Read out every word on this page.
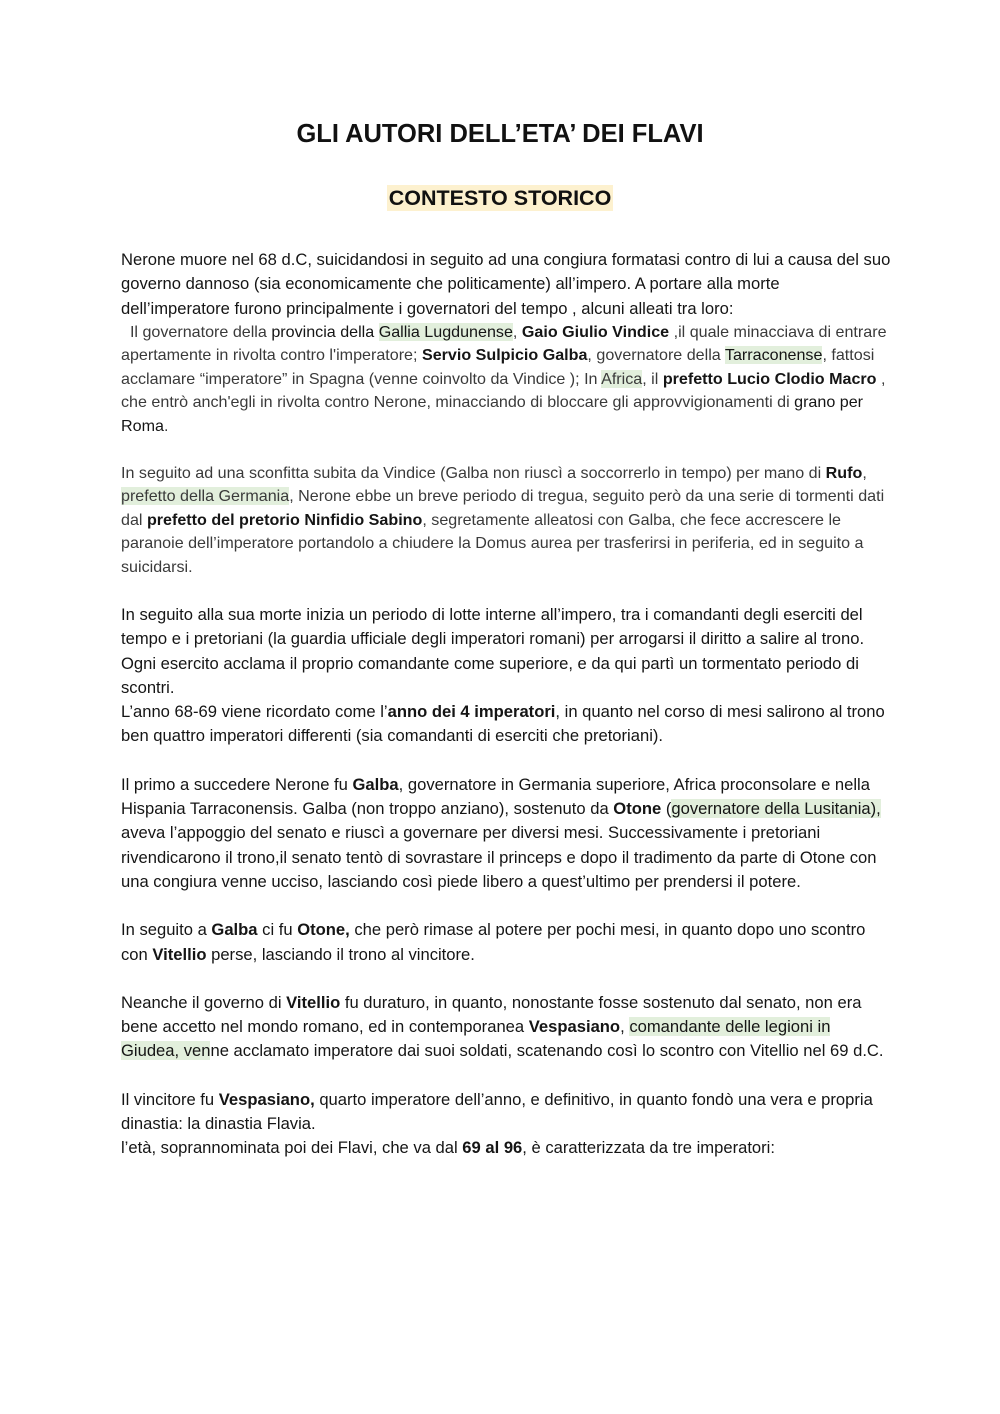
GLI AUTORI DELL’ETA’ DEI FLAVI
CONTESTO STORICO

Nerone muore nel 68 d.C, suicidandosi in seguito ad una congiura formatasi contro di lui a causa del suo governo dannoso (sia economicamente che politicamente) all’impero. A portare alla morte dell’imperatore furono principalmente i governatori del tempo , alcuni alleati tra loro:

Il governatore della provincia della Gallia Lugdunense, Gaio Giulio Vindice ,il quale minacciava di entrare apertamente in rivolta contro l'imperatore; Servio Sulpicio Galba, governatore della Tarraconense, fattosi acclamare “imperatore” in Spagna (venne coinvolto da Vindice ); In Africa, il prefetto Lucio Clodio Macro , che entrò anch'egli in rivolta contro Nerone, minacciando di bloccare gli approvvigionamenti di grano per Roma.

In seguito ad una sconfitta subita da Vindice (Galba non riuscì a soccorrerlo in tempo) per mano di Rufo, prefetto della Germania, Nerone ebbe un breve periodo di tregua, seguito però da una serie di tormenti dati dal prefetto del pretorio Ninfidio Sabino, segretamente alleatosi con Galba, che fece accrescere le paranoie dell’imperatore portandolo a chiudere la Domus aurea per trasferirsi in periferia, ed in seguito a suicidarsi.

In seguito alla sua morte inizia un periodo di lotte interne all’impero, tra i comandanti degli eserciti del tempo e i pretoriani (la guardia ufficiale degli imperatori romani) per arrogarsi il diritto a salire al trono. Ogni esercito acclama il proprio comandante come superiore, e da qui partì un tormentato periodo di scontri.

L’anno 68-69 viene ricordato come l’anno dei 4 imperatori, in quanto nel corso di mesi salirono al trono ben quattro imperatori differenti (sia comandanti di eserciti che pretoriani).

Il primo a succedere Nerone fu Galba, governatore in Germania superiore, Africa proconsolare e nella Hispania Tarraconensis. Galba (non troppo anziano), sostenuto da Otone (governatore della Lusitania), aveva l’appoggio del senato e riuscì a governare per diversi mesi. Successivamente i pretoriani rivendicarono il trono,il senato tentò di sovrastare il princeps e dopo il tradimento da parte di Otone con una congiura venne ucciso, lasciando così piede libero a quest’ultimo per prendersi il potere.

In seguito a Galba ci fu Otone, che però rimase al potere per pochi mesi, in quanto dopo uno scontro con Vitellio perse, lasciando il trono al vincitore.

Neanche il governo di Vitellio fu duraturo, in quanto, nonostante fosse sostenuto dal senato, non era bene accetto nel mondo romano, ed in contemporanea Vespasiano, comandante delle legioni in Giudea, venne acclamato imperatore dai suoi soldati, scatenando così lo scontro con Vitellio nel 69 d.C.

Il vincitore fu Vespasiano, quarto imperatore dell’anno, e definitivo, in quanto fondò una vera e propria dinastia: la dinastia Flavia.

l’età, soprannominata poi dei Flavi, che va dal 69 al 96, è caratterizzata da tre imperatori:
